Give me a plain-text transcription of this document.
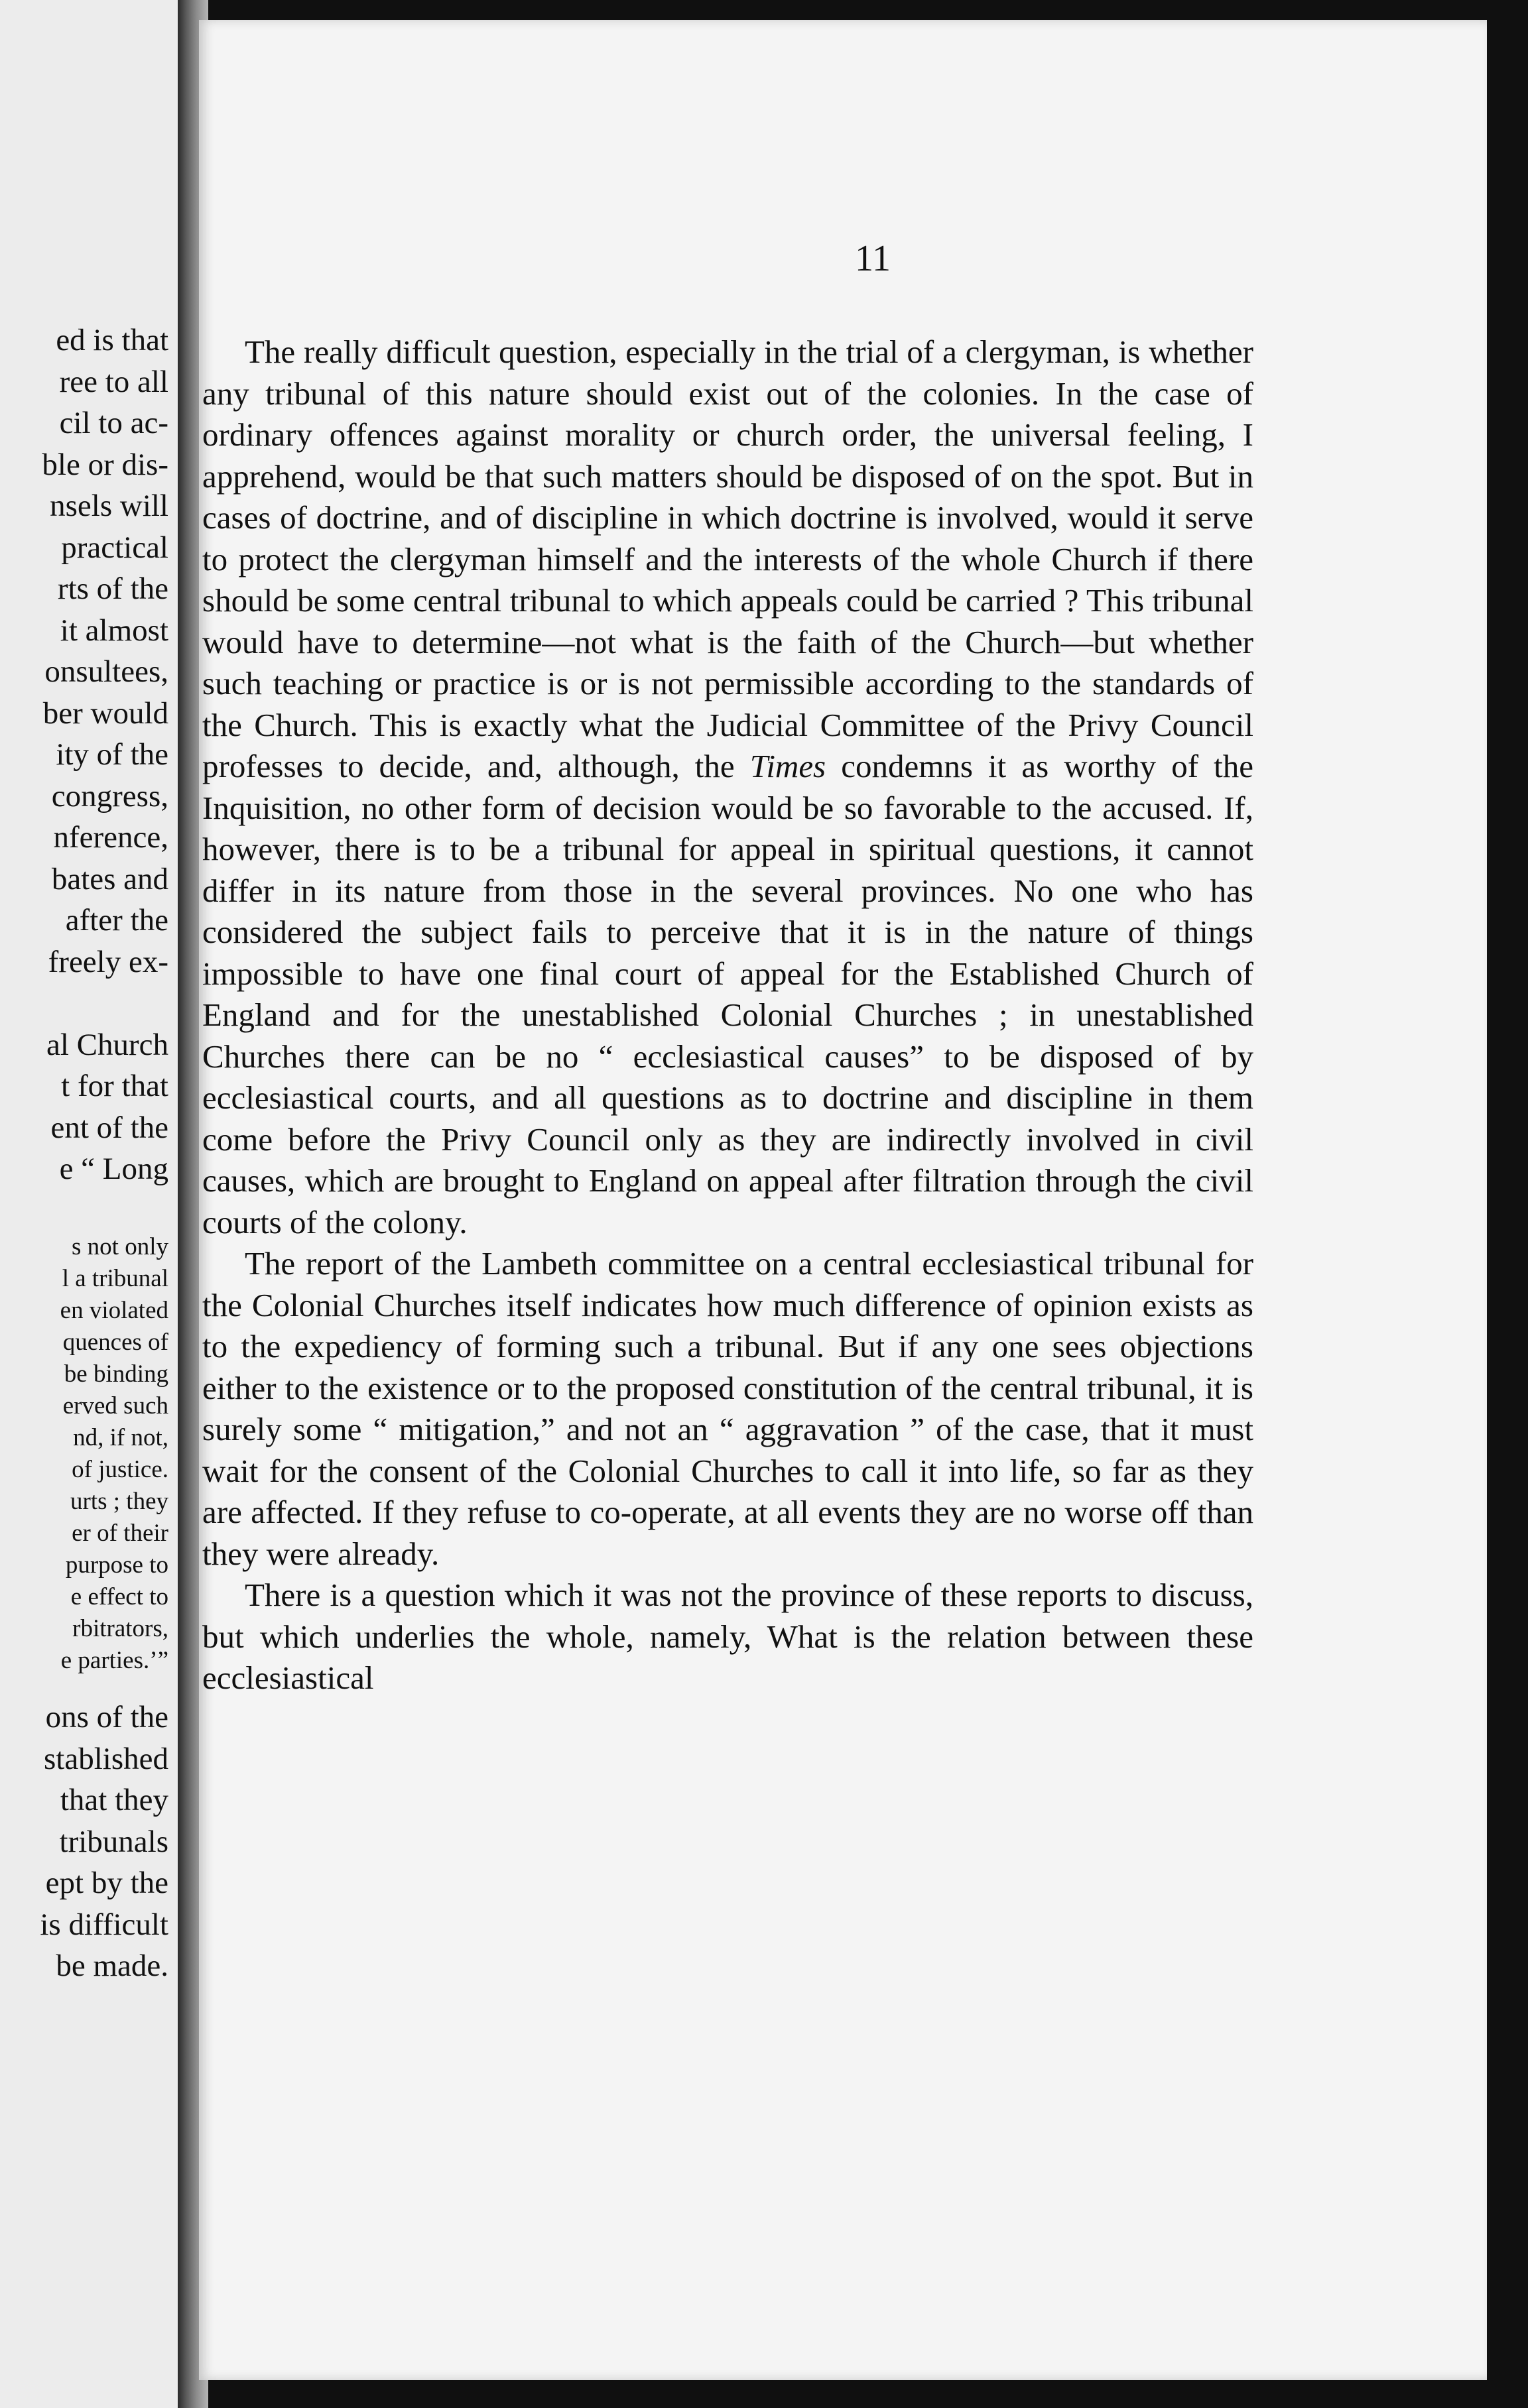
ed is that
ree to all
cil to ac-
ble or dis-
nsels will
practical
rts of the
it almost
onsultees,
ber would
ity of the
congress,
nference,
bates and
after the
freely ex-
al Church
t for that
ent of the
e “ Long
s not only
l a tribunal
en violated
quences of
be binding
erved such
nd, if not,
of justice.
urts ; they
er of their
purpose to
e effect to
rbitrators,
e parties.’”
ons of the
stablished
that they
tribunals
ept by the
is difficult
be made.
11

The really difficult question, especially in the trial of a clergyman, is whether any tribunal of this nature should exist out of the colonies. In the case of ordinary offences against morality or church order, the universal feeling, I apprehend, would be that such matters should be disposed of on the spot. But in cases of doctrine, and of discipline in which doctrine is involved, would it serve to protect the clergyman himself and the interests of the whole Church if there should be some central tribunal to which appeals could be carried ? This tribunal would have to determine—not what is the faith of the Church—but whether such teaching or practice is or is not permissible according to the standards of the Church. This is exactly what the Judicial Committee of the Privy Council professes to decide, and, although, the Times condemns it as worthy of the Inquisition, no other form of decision would be so favorable to the accused. If, however, there is to be a tribunal for appeal in spiritual questions, it cannot differ in its nature from those in the several provinces. No one who has considered the subject fails to perceive that it is in the nature of things impossible to have one final court of appeal for the Established Church of England and for the unestablished Colonial Churches ; in unestablished Churches there can be no “ ecclesiastical causes” to be disposed of by ecclesiastical courts, and all questions as to doctrine and discipline in them come before the Privy Council only as they are indirectly involved in civil causes, which are brought to England on appeal after filtration through the civil courts of the colony.

The report of the Lambeth committee on a central ecclesiastical tribunal for the Colonial Churches itself indicates how much difference of opinion exists as to the expediency of forming such a tribunal. But if any one sees objections either to the existence or to the proposed constitution of the central tribunal, it is surely some “ mitigation,” and not an “ aggravation ” of the case, that it must wait for the consent of the Colonial Churches to call it into life, so far as they are affected. If they refuse to co-operate, at all events they are no worse off than they were already.

There is a question which it was not the province of these reports to discuss, but which underlies the whole, namely, What is the relation between these ecclesiastical
